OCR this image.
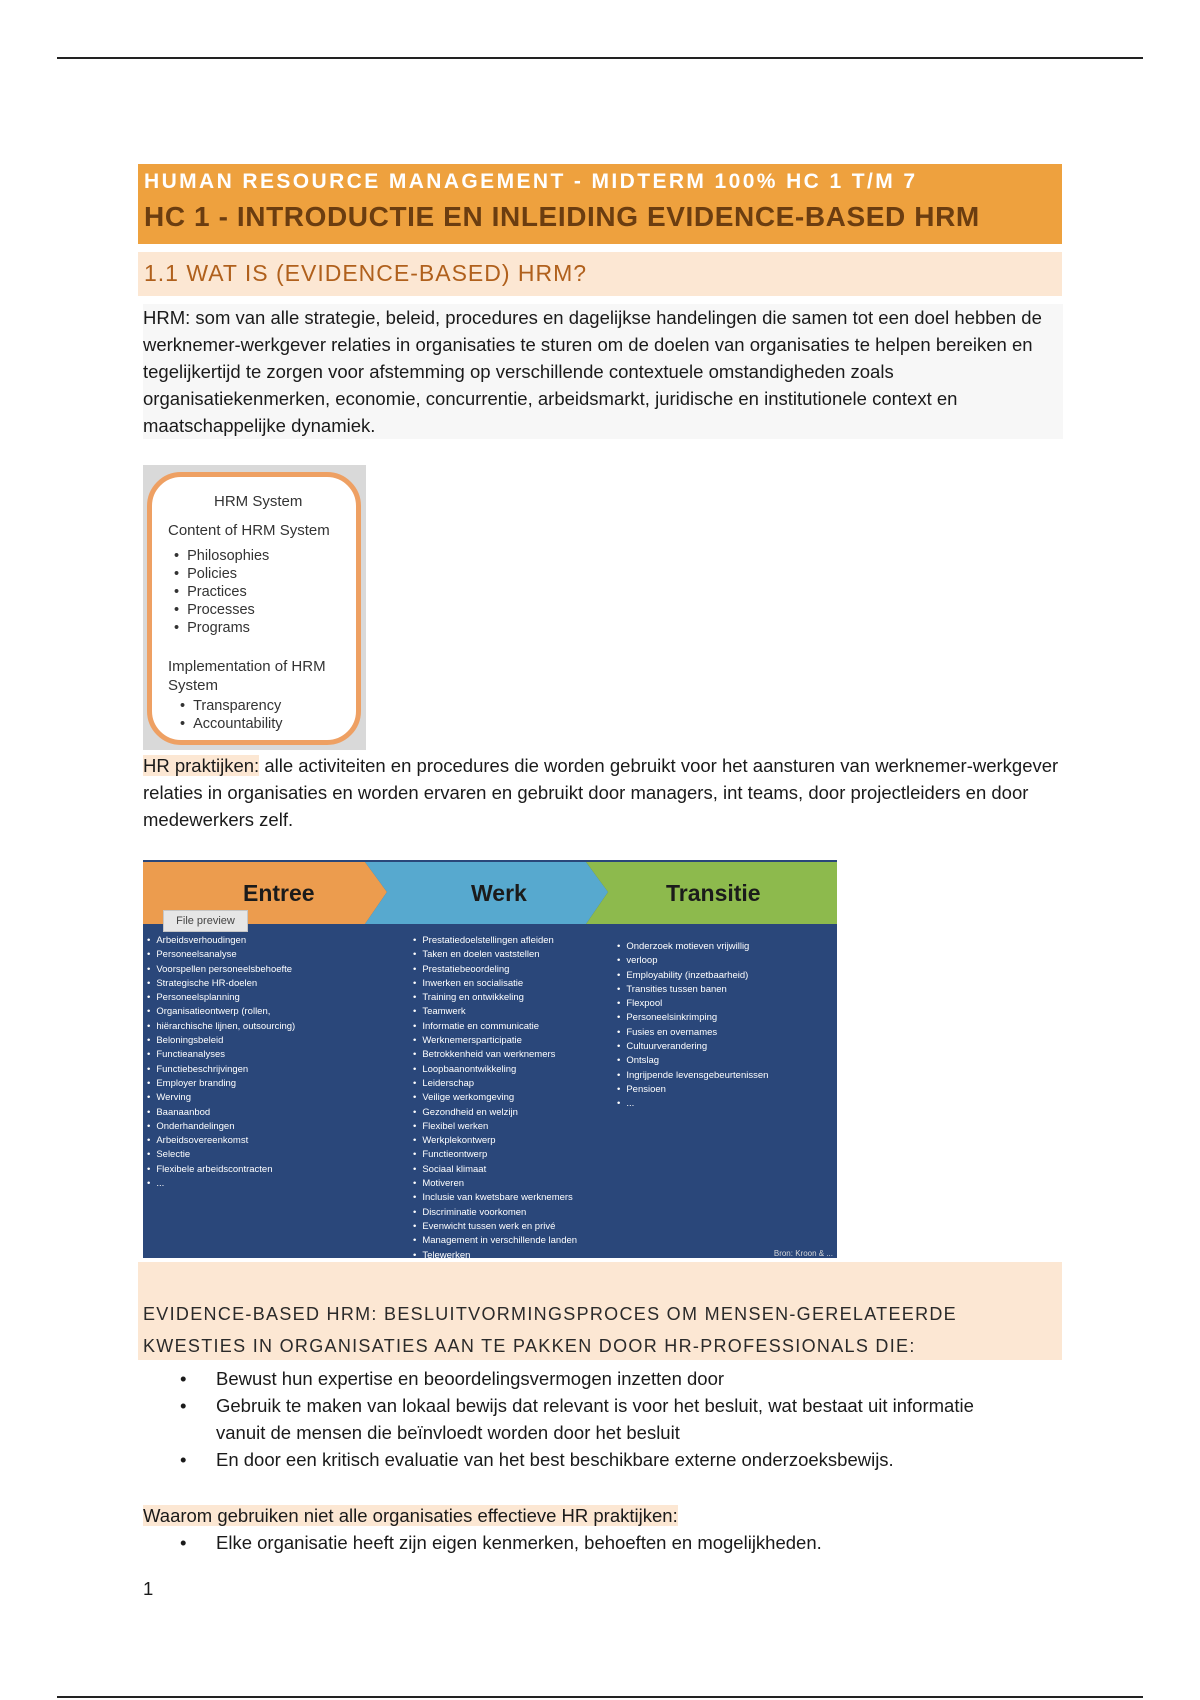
HUMAN RESOURCE MANAGEMENT - MIDTERM 100% HC 1 T/M 7
HC 1 - INTRODUCTIE EN INLEIDING EVIDENCE-BASED HRM
1.1 WAT IS (EVIDENCE-BASED) HRM?
HRM: som van alle strategie, beleid, procedures en dagelijkse handelingen die samen tot een doel hebben de werknemer-werkgever relaties in organisaties te sturen om de doelen van organisaties te helpen bereiken en tegelijkertijd te zorgen voor afstemming op verschillende contextuele omstandigheden zoals organisatiekenmerken, economie, concurrentie, arbeidsmarkt, juridische en institutionele context en maatschappelijke dynamiek.
HRM System
Content of HRM System
• Philosophies
• Policies
• Practices
• Processes
• Programs
Implementation of HRM
System
• Transparency
• Accountability
HR praktijken: alle activiteiten en procedures die worden gebruikt voor het aansturen van werknemer-werkgever relaties in organisaties en worden ervaren en gebruikt door managers, int teams, door projectleiders en door medewerkers zelf.
Entree	Werk	Transitie
File preview
• Arbeidsverhoudingen
• Personeelsanalyse
• Voorspellen personeelsbehoefte
• Strategische HR-doelen
• Personeelsplanning
• Organisatieontwerp (rollen,
• hiërarchische lijnen, outsourcing)
• Beloningsbeleid
• Functieanalyses
• Functiebeschrijvingen
• Employer branding
• Werving
• Baanaanbod
• Onderhandelingen
• Arbeidsovereenkomst
• Selectie
• Flexibele arbeidscontracten
• ...
• Prestatiedoelstellingen afleiden
• Taken en doelen vaststellen
• Prestatiebeoordeling
• Inwerken en socialisatie
• Training en ontwikkeling
• Teamwerk
• Informatie en communicatie
• Werknemersparticipatie
• Betrokkenheid van werknemers
• Loopbaanontwikkeling
• Leiderschap
• Veilige werkomgeving
• Gezondheid en welzijn
• Flexibel werken
• Werkplekontwerp
• Functieontwerp
• Sociaal klimaat
• Motiveren
• Inclusie van kwetsbare werknemers
• Discriminatie voorkomen
• Evenwicht tussen werk en privé
• Management in verschillende landen
• Telewerken
• Onderzoek motieven vrijwillig
• verloop
• Employability (inzetbaarheid)
• Transities tussen banen
• Flexpool
• Personeelsinkrimping
• Fusies en overnames
• Cultuurverandering
• Ontslag
• Ingrijpende levensgebeurtenissen
• Pensioen
• ...
Bron: Kroon & ...
EVIDENCE-BASED HRM: BESLUITVORMINGSPROCES OM MENSEN-GERELATEERDE KWESTIES IN ORGANISATIES AAN TE PAKKEN DOOR HR-PROFESSIONALS DIE:
• Bewust hun expertise en beoordelingsvermogen inzetten door
• Gebruik te maken van lokaal bewijs dat relevant is voor het besluit, wat bestaat uit informatie vanuit de mensen die beïnvloedt worden door het besluit
• En door een kritisch evaluatie van het best beschikbare externe onderzoeksbewijs.
Waarom gebruiken niet alle organisaties effectieve HR praktijken:
• Elke organisatie heeft zijn eigen kenmerken, behoeften en mogelijkheden.
1
